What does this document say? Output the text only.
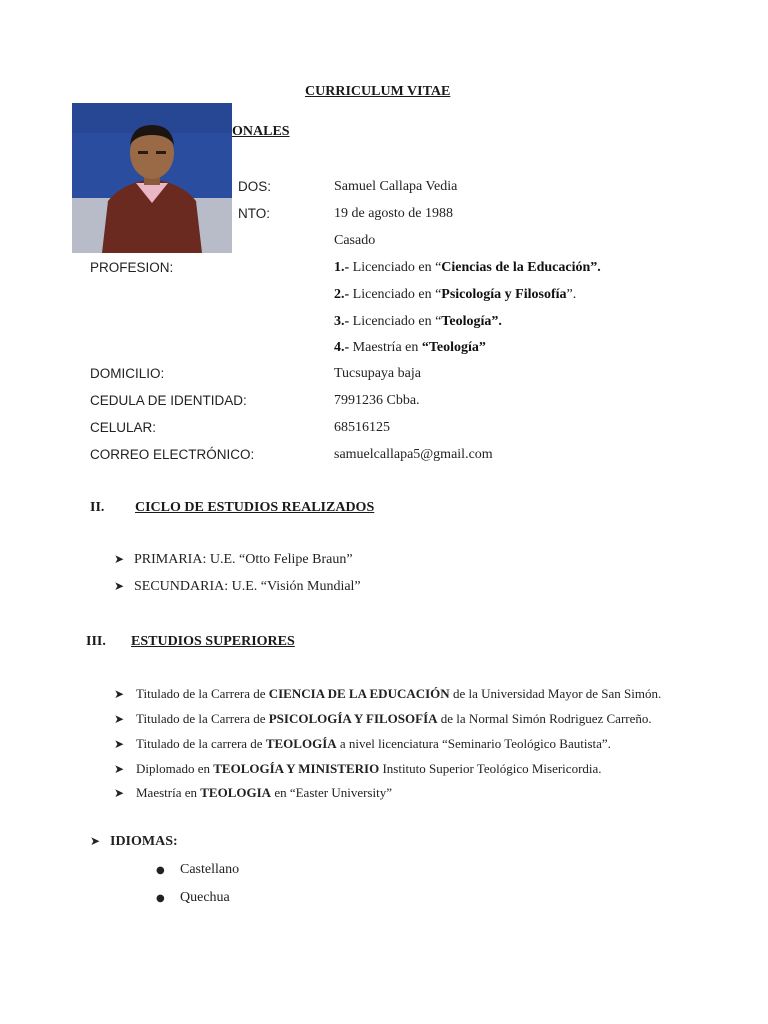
CURRICULUM VITAE
ONALES
DOS:	Samuel Callapa Vedia
NTO:	19 de agosto de 1988
Casado
PROFESION:	1.- Licenciado en “Ciencias de la Educación”.
2.- Licenciado en “Psicología y Filosofía”.
3.- Licenciado en “Teología”.
4.- Maestría en “Teología”
DOMICILIO:	Tucsupaya baja
CEDULA DE IDENTIDAD:	7991236 Cbba.
CELULAR:	68516125
CORREO ELECTRÓNICO:	samuelcallapa5@gmail.com
II. CICLO DE ESTUDIOS REALIZADOS
➤ PRIMARIA: U.E. “Otto Felipe Braun”
➤ SECUNDARIA: U.E. “Visión Mundial”
III. ESTUDIOS SUPERIORES
➤ Titulado de la Carrera de CIENCIA DE LA EDUCACIÓN de la Universidad Mayor de San Simón.
➤ Titulado de la Carrera de PSICOLOGÍA Y FILOSOFÍA de la Normal Simón Rodriguez Carreño.
➤ Titulado de la carrera de TEOLOGÍA a nivel licenciatura “Seminario Teológico Bautista”.
➤ Diplomado en TEOLOGÍA Y MINISTERIO Instituto Superior Teológico Misericordia.
➤ Maestría en TEOLOGIA en “Easter University”
➤ IDIOMAS:
● Castellano
● Quechua
